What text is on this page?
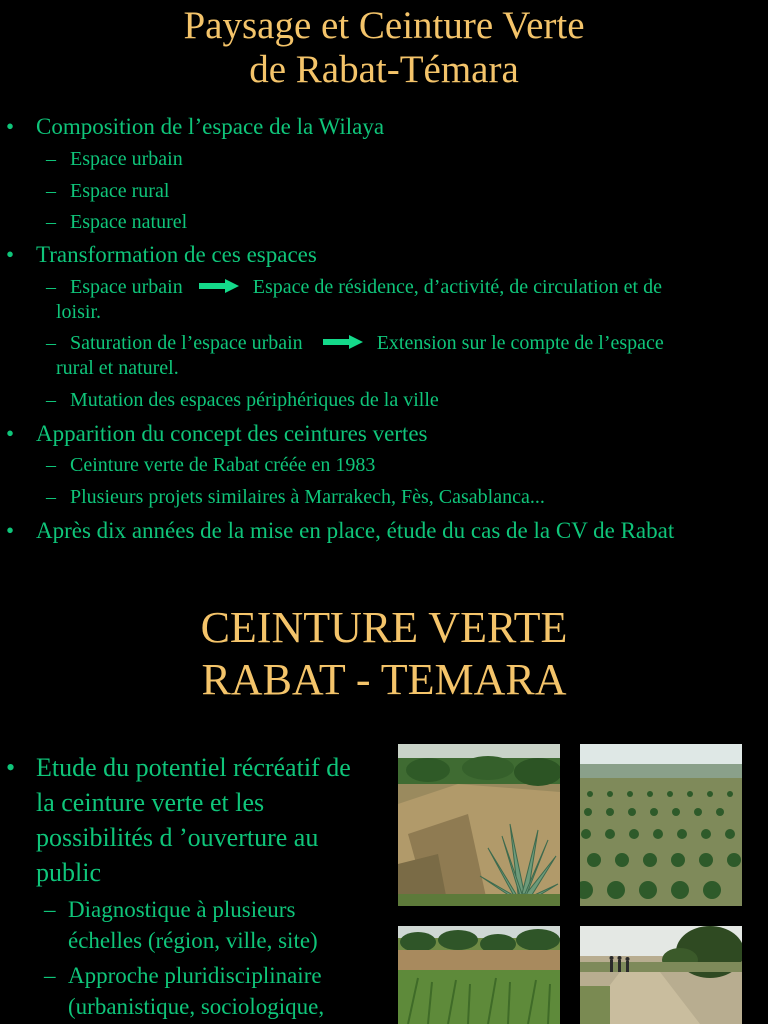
Paysage et Ceinture Verte
de Rabat-Témara
• Composition de l’espace de la Wilaya
– Espace urbain
– Espace rural
– Espace naturel
• Transformation de ces espaces
– Espace urbain	Espace de résidence, d’activité, de circulation et de
loisir.
– Saturation de l’espace urbain	Extension sur le compte de l’espace
rural et naturel.
– Mutation des espaces périphériques de la ville
• Apparition du concept des ceintures vertes
– Ceinture verte de Rabat créée en 1983
– Plusieurs projets similaires à Marrakech, Fès, Casablanca...
• Après dix années de la mise en place, étude du cas de la CV de Rabat
CEINTURE VERTE
RABAT - TEMARA
• Etude du potentiel récréatif de la ceinture verte et les possibilités d ’ouverture au public
– Diagnostique à plusieurs échelles (région, ville, site)
– Approche pluridisciplinaire (urbanistique, sociologique,
